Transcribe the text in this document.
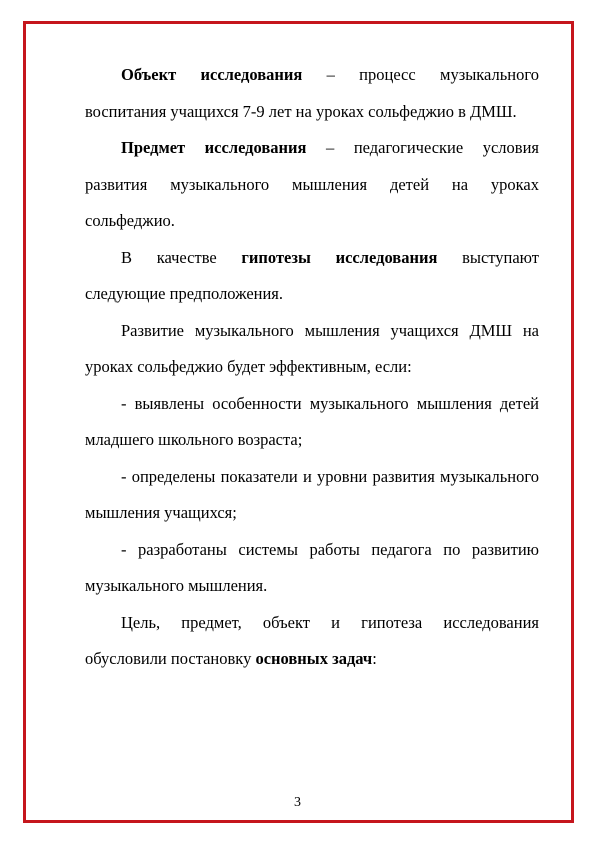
Объект исследования – процесс музыкального воспитания учащихся 7-9 лет на уроках сольфеджио в ДМШ.

Предмет исследования – педагогические условия развития музыкального мышления детей на уроках сольфеджио.

В качестве гипотезы исследования выступают следующие предположения.

Развитие музыкального мышления учащихся ДМШ на уроках сольфеджио будет эффективным, если:

- выявлены особенности музыкального мышления детей младшего школьного возраста;

- определены показатели и уровни развития музыкального мышления учащихся;

- разработаны системы работы педагога по развитию музыкального мышления.

Цель, предмет, объект и гипотеза исследования обусловили постановку основных задач:

3
